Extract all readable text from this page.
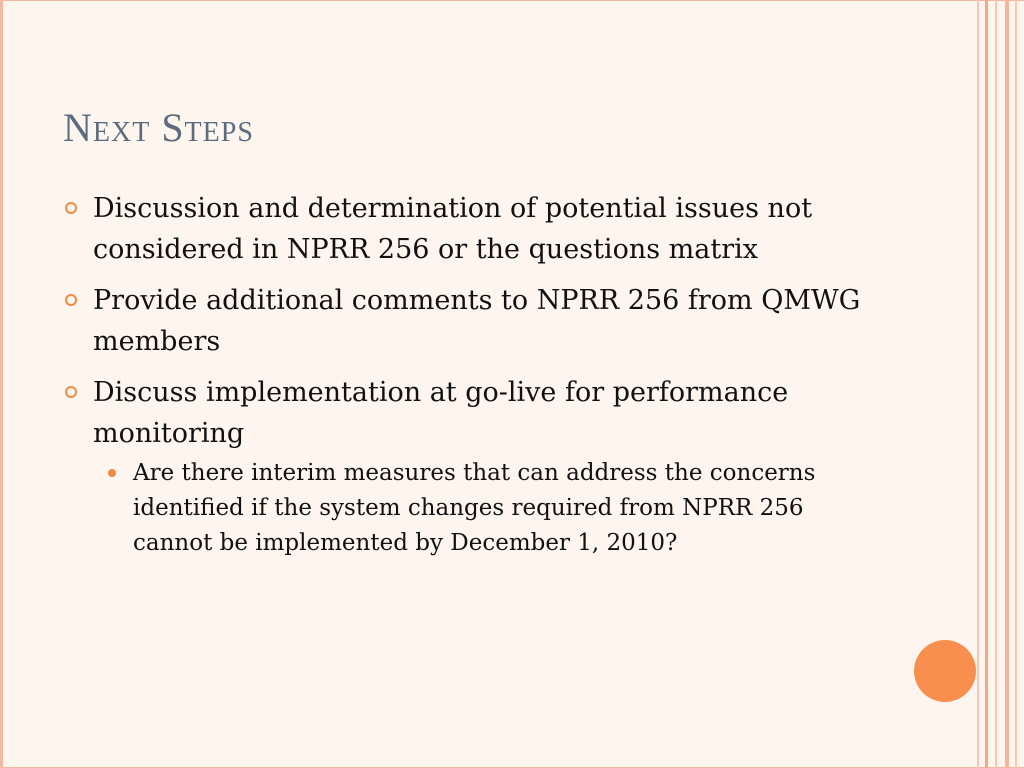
Next Steps
Discussion and determination of potential issues not considered in NPRR 256 or the questions matrix
Provide additional comments to NPRR 256 from QMWG members
Discuss implementation at go-live for performance monitoring
Are there interim measures that can address the concerns identified if the system changes required from NPRR 256 cannot be implemented by December 1, 2010?
